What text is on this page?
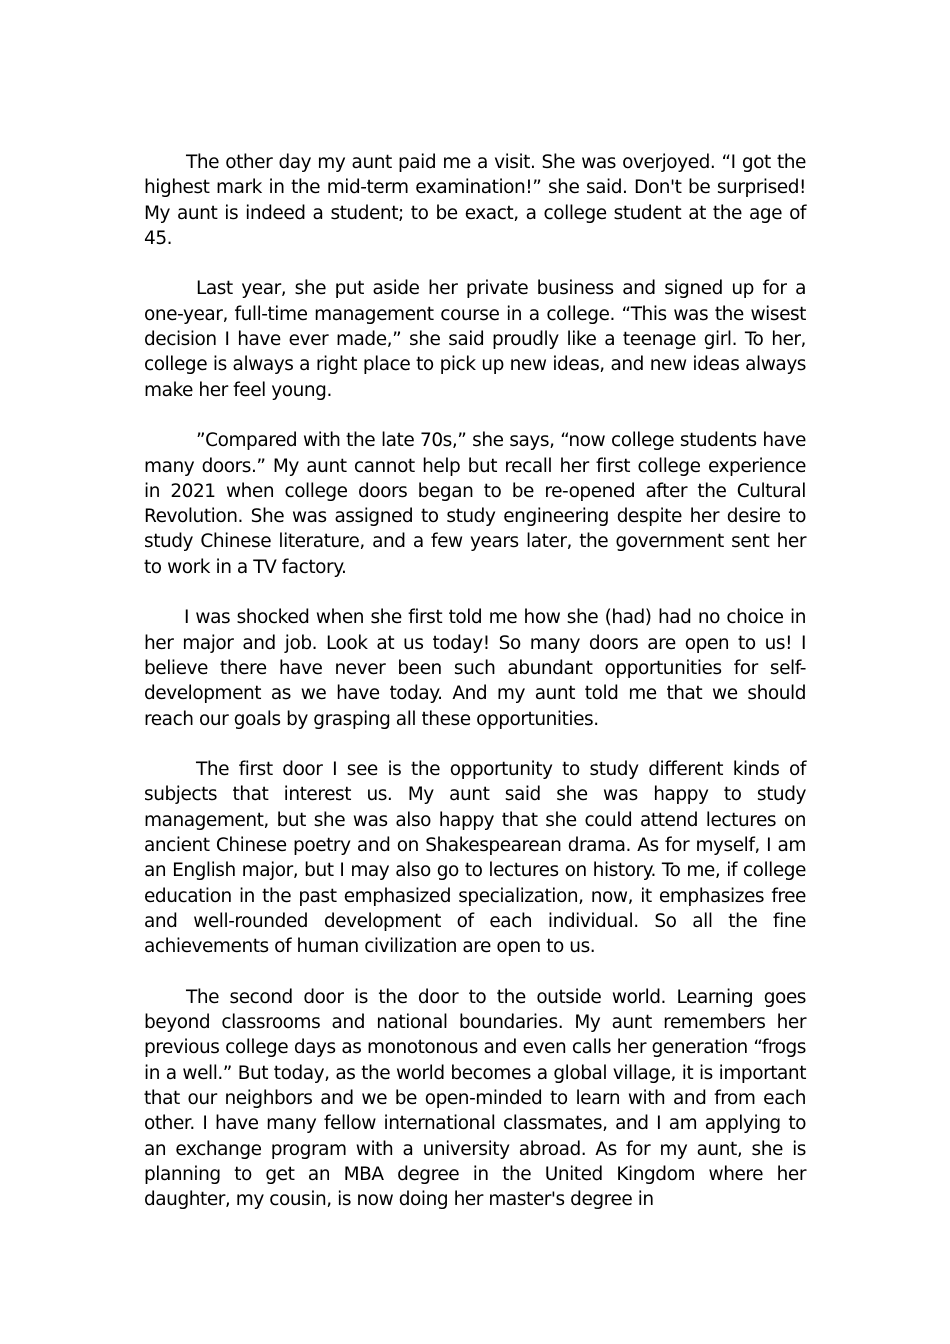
The other day my aunt paid me a visit. She was overjoyed. “I got the highest mark in the mid-term examination!” she said. Don't be surprised! My aunt is indeed a student; to be exact, a college student at the age of 45.

Last year, she put aside her private business and signed up for a one-year, full-time management course in a college. “This was the wisest decision I have ever made,” she said proudly like a teenage girl. To her, college is always a right place to pick up new ideas, and new ideas always make her feel young.

”Compared with the late 70s,” she says, “now college students have many doors.” My aunt cannot help but recall her first college experience in 2021 when college doors began to be re-opened after the Cultural Revolution. She was assigned to study engineering despite her desire to study Chinese literature, and a few years later, the government sent her to work in a TV factory.

I was shocked when she first told me how she (had) had no choice in her major and job. Look at us today! So many doors are open to us! I believe there have never been such abundant opportunities for self-development as we have today. And my aunt told me that we should reach our goals by grasping all these opportunities.

The first door I see is the opportunity to study different kinds of subjects that interest us. My aunt said she was happy to study management, but she was also happy that she could attend lectures on ancient Chinese poetry and on Shakespearean drama. As for myself, I am an English major, but I may also go to lectures on history. To me, if college education in the past emphasized specialization, now, it emphasizes free and well-rounded development of each individual. So all the fine achievements of human civilization are open to us.

The second door is the door to the outside world. Learning goes beyond classrooms and national boundaries. My aunt remembers her previous college days as monotonous and even calls her generation “frogs in a well.” But today, as the world becomes a global village, it is important that our neighbors and we be open-minded to learn with and from each other. I have many fellow international classmates, and I am applying to an exchange program with a university abroad. As for my aunt, she is planning to get an MBA degree in the United Kingdom where her daughter, my cousin, is now doing her master's degree in
